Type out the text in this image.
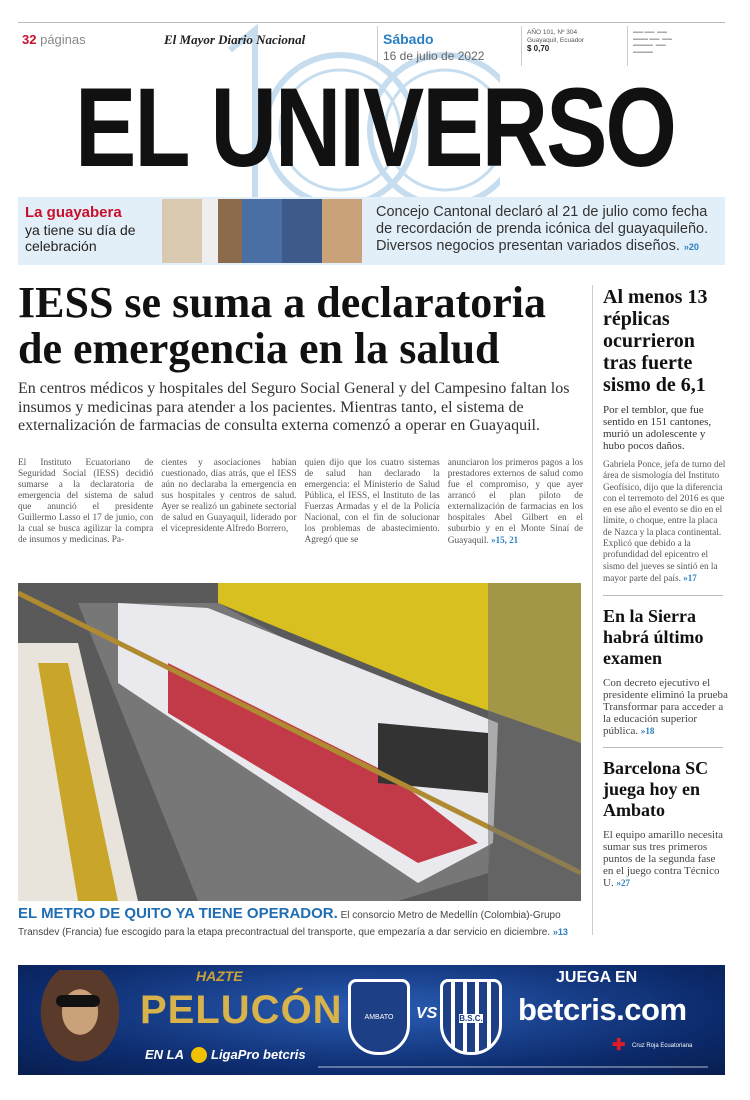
32 páginas	El Mayor Diario Nacional	Sábado
16 de julio de 2022
AÑO 101, Nº 304
Guayaquil, Ecuador
$ 0,70
▬▬ ▬▬  ▬▬
▬▬▬ ▬▬  ▬▬
▬▬▬▬  ▬▬
▬▬▬▬
EL UNIVERSO
La guayabera
ya tiene su día de celebración
Concejo Cantonal declaró al 21 de julio como fecha de recordación de prenda icónica del guayaquileño. Diversos negocios presentan variados diseños. »20
IESS se suma a declaratoria de emergencia en la salud
En centros médicos y hospitales del Seguro Social General y del Campesino faltan los insumos y medicinas para atender a los pacientes. Mientras tanto, el sistema de externalización de farmacias de consulta externa comenzó a operar en Guayaquil.
El Instituto Ecuatoriano de Seguridad Social (IESS) decidió sumarse a la declaratoria de emergencia del sistema de salud que anunció el presidente Guillermo Lasso el 17 de junio, con la cual se busca agilizar la compra de insumos y medicinas. Pa-
cientes y asociaciones habían cuestionado, días atrás, que el IESS aún no declaraba la emergencia en sus hospitales y centros de salud. Ayer se realizó un gabinete sectorial de salud en Guayaquil, liderado por el vicepresidente Alfredo Borrero,
quien dijo que los cuatro sistemas de salud han declarado la emergencia: el Ministerio de Salud Pública, el IESS, el Instituto de las Fuerzas Armadas y el de la Policía Nacional, con el fin de solucionar los problemas de abastecimiento. Agregó que se
anunciaron los primeros pagos a los prestadores externos de salud como fue el compromiso, y que ayer arrancó el plan piloto de externalización de farmacias en los hospitales Abel Gilbert en el suburbio y en el Monte Sinaí de Guayaquil. »15, 21
EL METRO DE QUITO YA TIENE OPERADOR. El consorcio Metro de Medellín (Colombia)-Grupo Transdev (Francia) fue escogido para la etapa precontractual del transporte, que empezaría a dar servicio en diciembre. »13
Al menos 13 réplicas ocurrieron tras fuerte sismo de 6,1
Por el temblor, que fue sentido en 151 cantones, murió un adolescente y hubo pocos daños.
Gabriela Ponce, jefa de turno del área de sismología del Instituto Geofísico, dijo que la diferencia con el terremoto del 2016 es que en ese año el evento se dio en el límite, o choque, entre la placa de Nazca y la placa continental. Explicó que debido a la profundidad del epicentro el sismo del jueves se sintió en la mayor parte del país. »17
En la Sierra habrá último examen
Con decreto ejecutivo el presidente eliminó la prueba Transformar para acceder a la educación superior pública. »18
Barcelona SC juega hoy en Ambato
El equipo amarillo necesita sumar sus tres primeros puntos de la segunda fase en el juego contra Técnico U. »27
HAZTE
PELUCÓN
EN LA LigaPro betcris
AMBATO	VS	B.S.C.
JUEGA EN
betcris.com
✚ Cruz Roja Ecuatoriana
